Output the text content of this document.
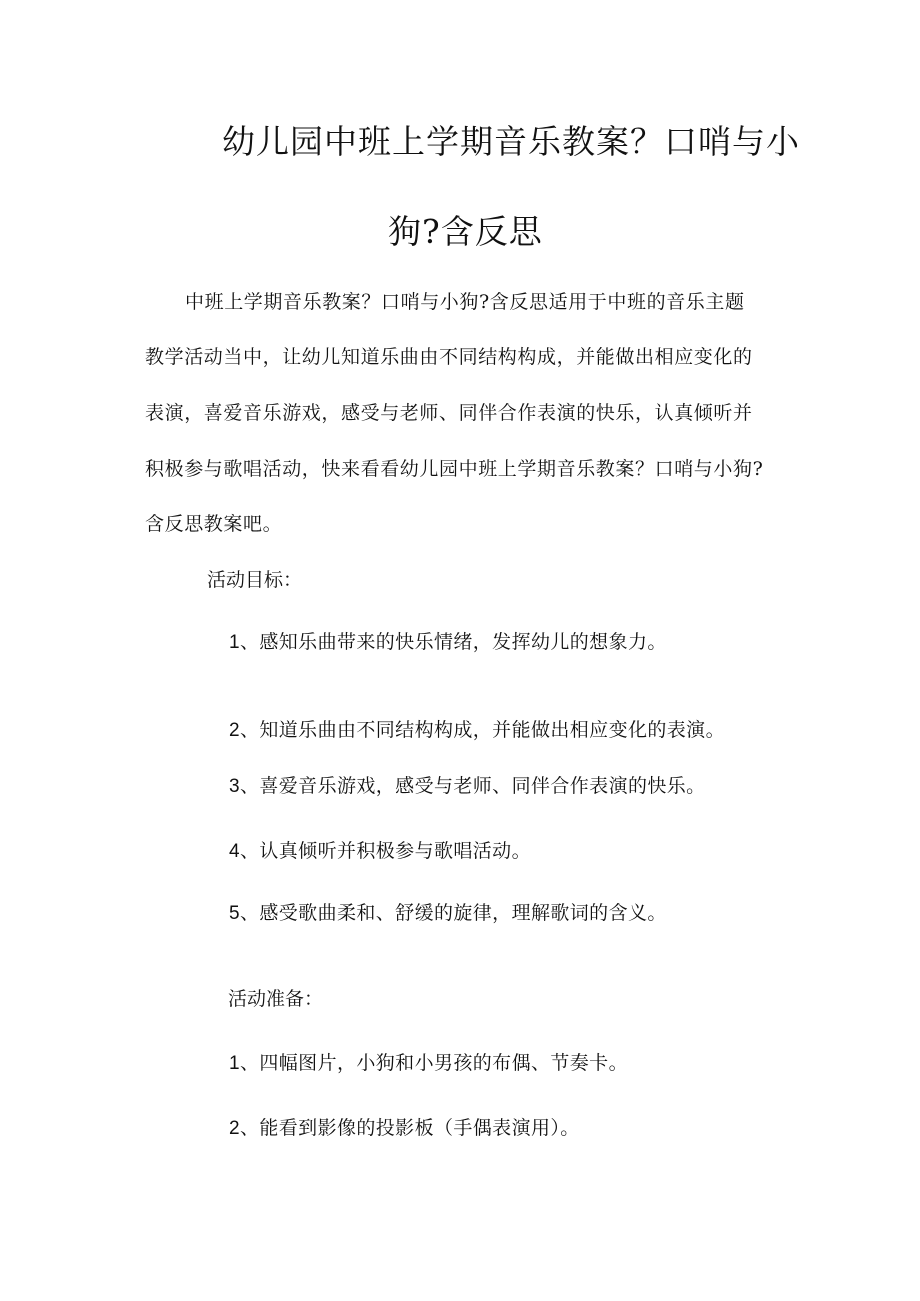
幼儿园中班上学期音乐教案？口哨与小
狗?含反思
中班上学期音乐教案？口哨与小狗?含反思适用于中班的音乐主题
教学活动当中，让幼儿知道乐曲由不同结构构成，并能做出相应变化的
表演，喜爱音乐游戏，感受与老师、同伴合作表演的快乐，认真倾听并
积极参与歌唱活动，快来看看幼儿园中班上学期音乐教案？口哨与小狗?
含反思教案吧。
活动目标：
1、感知乐曲带来的快乐情绪，发挥幼儿的想象力。
2、知道乐曲由不同结构构成，并能做出相应变化的表演。
3、喜爱音乐游戏，感受与老师、同伴合作表演的快乐。
4、认真倾听并积极参与歌唱活动。
5、感受歌曲柔和、舒缓的旋律，理解歌词的含义。
活动准备：
1、四幅图片，小狗和小男孩的布偶、节奏卡。
2、能看到影像的投影板（手偶表演用）。
